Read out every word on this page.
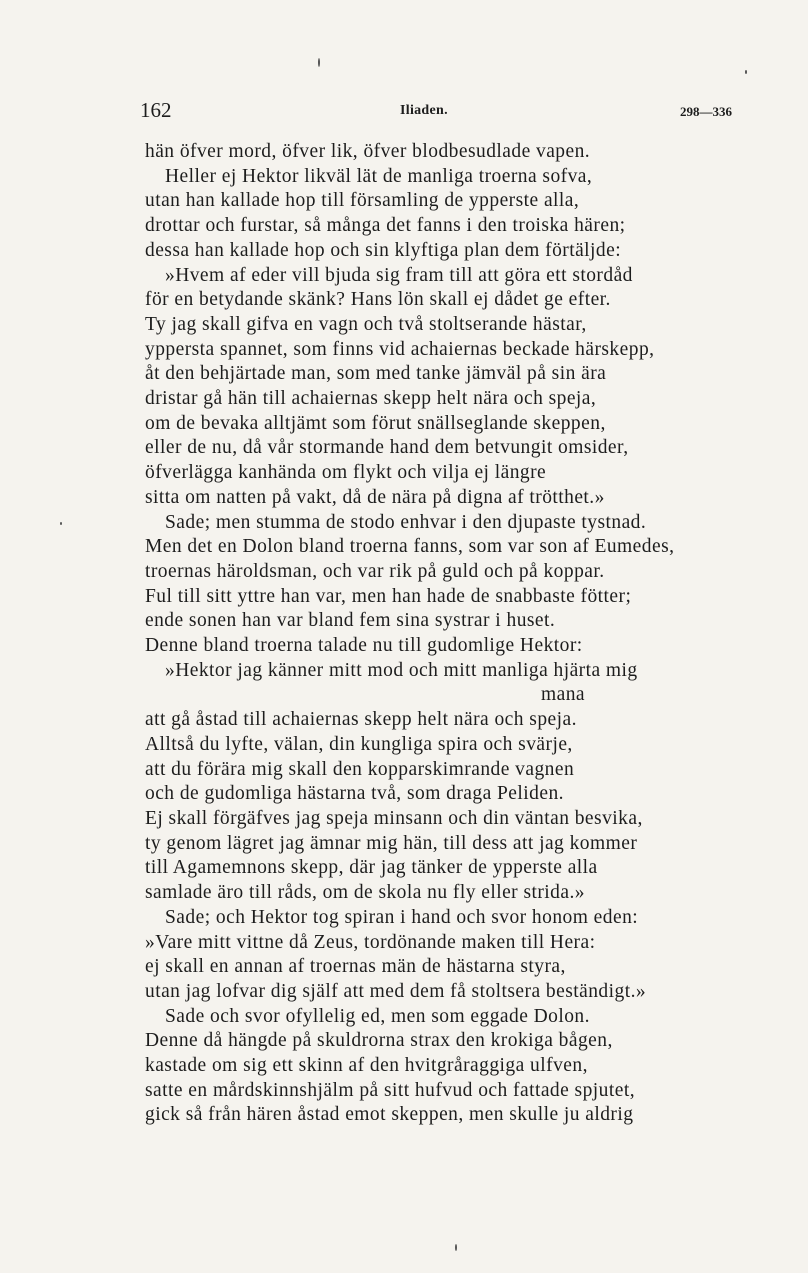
162	Iliaden.	298—336
hän öfver mord, öfver lik, öfver blodbesudlade vapen.
Heller ej Hektor likväl lät de manliga troerna sofva,
utan han kallade hop till församling de ypperste alla,
drottar och furstar, så många det fanns i den troiska hären;
dessa han kallade hop och sin klyftiga plan dem förtäljde:
»Hvem af eder vill bjuda sig fram till att göra ett stordåd
för en betydande skänk? Hans lön skall ej dådet ge efter.
Ty jag skall gifva en vagn och två stoltserande hästar,
yppersta spannet, som finns vid achaiernas beckade härskepp,
åt den behjärtade man, som med tanke jämväl på sin ära
dristar gå hän till achaiernas skepp helt nära och speja,
om de bevaka alltjämt som förut snällseglande skeppen,
eller de nu, då vår stormande hand dem betvungit omsider,
öfverlägga kanhända om flykt och vilja ej längre
sitta om natten på vakt, då de nära på digna af trötthet.»
Sade; men stumma de stodo enhvar i den djupaste tystnad.
Men det en Dolon bland troerna fanns, som var son af Eumedes,
troernas häroldsman, och var rik på guld och på koppar.
Ful till sitt yttre han var, men han hade de snabbaste fötter;
ende sonen han var bland fem sina systrar i huset.
Denne bland troerna talade nu till gudomlige Hektor:
»Hektor jag känner mitt mod och mitt manliga hjärta mig
mana
att gå åstad till achaiernas skepp helt nära och speja.
Alltså du lyfte, välan, din kungliga spira och svärje,
att du förära mig skall den kopparskimrande vagnen
och de gudomliga hästarna två, som draga Peliden.
Ej skall förgäfves jag speja minsann och din väntan besvika,
ty genom lägret jag ämnar mig hän, till dess att jag kommer
till Agamemnons skepp, där jag tänker de ypperste alla
samlade äro till råds, om de skola nu fly eller strida.»
Sade; och Hektor tog spiran i hand och svor honom eden:
»Vare mitt vittne då Zeus, tordönande maken till Hera:
ej skall en annan af troernas män de hästarna styra,
utan jag lofvar dig själf att med dem få stoltsera beständigt.»
Sade och svor ofyllelig ed, men som eggade Dolon.
Denne då hängde på skuldrorna strax den krokiga bågen,
kastade om sig ett skinn af den hvitgråraggiga ulfven,
satte en mårdskinnshjälm på sitt hufvud och fattade spjutet,
gick så från hären åstad emot skeppen, men skulle ju aldrig
